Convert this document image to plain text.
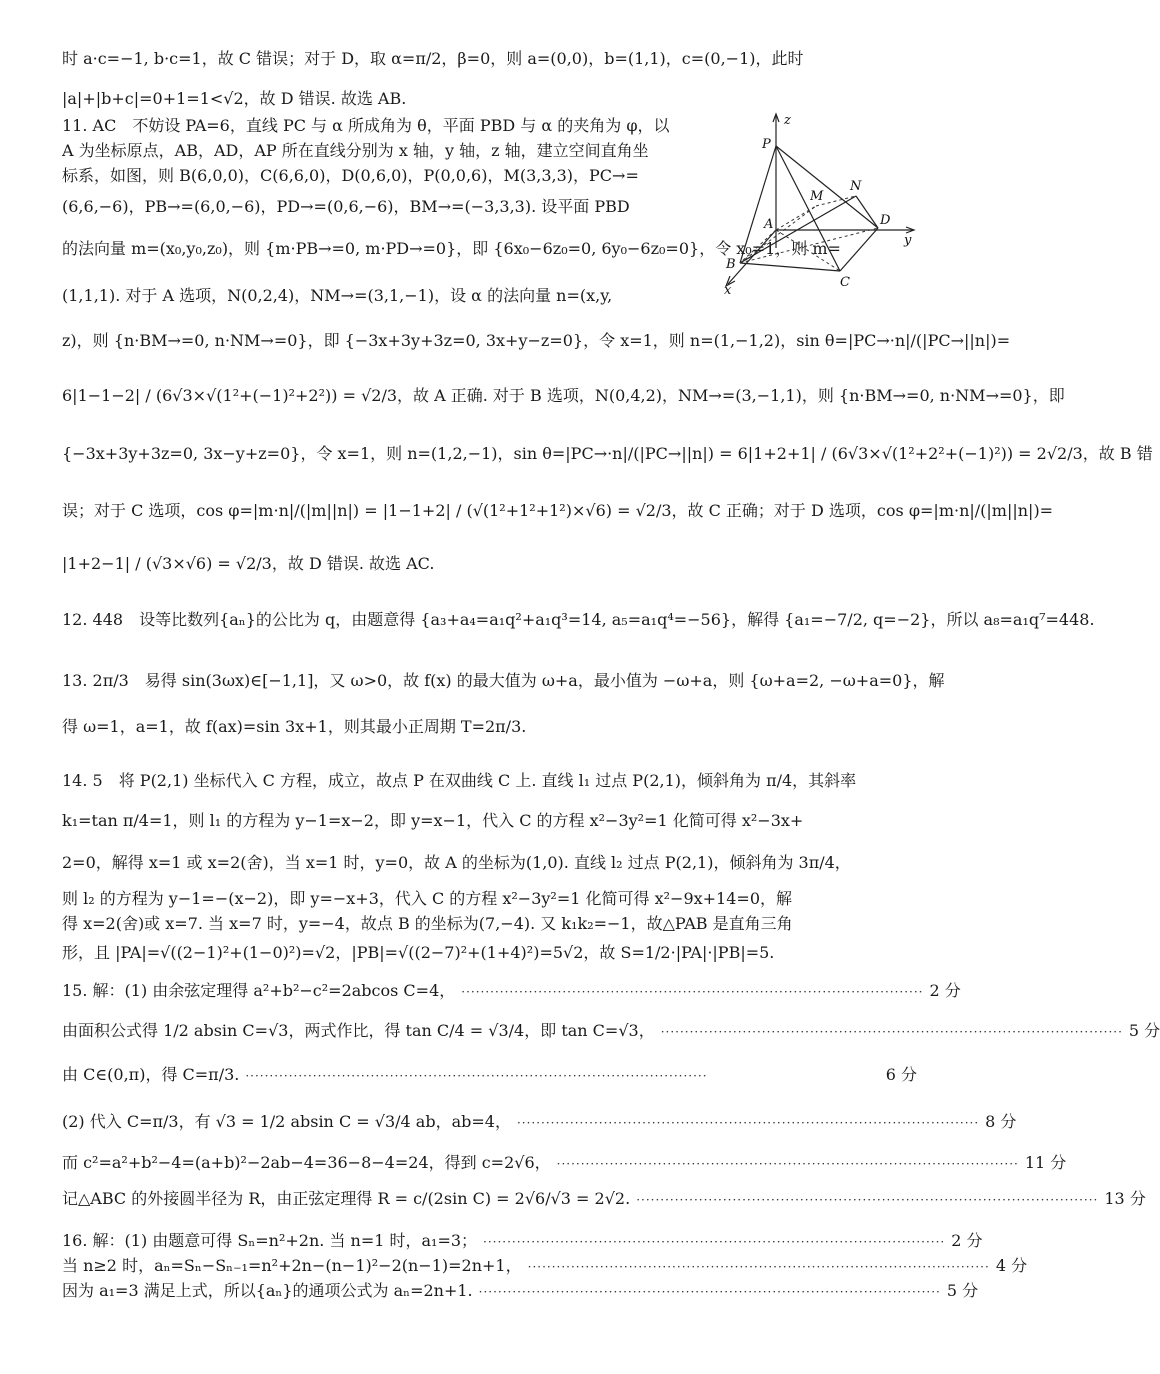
时 a·c=−1, b·c=1，故 C 错误；对于 D，取 α=π/2，β=0，则 a=(0,0)，b=(1,1)，c=(0,−1)，此时
|a|+|b+c|=0+1=1<√2，故 D 错误. 故选 AB.
11. AC　不妨设 PA=6，直线 PC 与 α 所成角为 θ，平面 PBD 与 α 的夹角为 φ，以
A 为坐标原点，AB，AD，AP 所在直线分别为 x 轴，y 轴，z 轴，建立空间直角坐
标系，如图，则 B(6,0,0)，C(6,6,0)，D(0,6,0)，P(0,0,6)，M(3,3,3)，PC→=
(6,6,−6)，PB→=(6,0,−6)，PD→=(0,6,−6)，BM→=(−3,3,3). 设平面 PBD
的法向量 m=(x₀,y₀,z₀)，则 {m·PB→=0, m·PD→=0}，即 {6x₀−6z₀=0, 6y₀−6z₀=0}，令 x₀=1，则 m=
(1,1,1). 对于 A 选项，N(0,2,4)，NM→=(3,1,−1)，设 α 的法向量 n=(x,y,
z)，则 {n·BM→=0, n·NM→=0}，即 {−3x+3y+3z=0, 3x+y−z=0}，令 x=1，则 n=(1,−1,2)，sin θ=|PC→·n|/(|PC→||n|)=
6|1−1−2| / (6√3×√(1²+(−1)²+2²)) = √2/3，故 A 正确. 对于 B 选项，N(0,4,2)，NM→=(3,−1,1)，则 {n·BM→=0, n·NM→=0}，即
{−3x+3y+3z=0, 3x−y+z=0}，令 x=1，则 n=(1,2,−1)，sin θ=|PC→·n|/(|PC→||n|) = 6|1+2+1| / (6√3×√(1²+2²+(−1)²)) = 2√2/3，故 B 错
误；对于 C 选项，cos φ=|m·n|/(|m||n|) = |1−1+2| / (√(1²+1²+1²)×√6) = √2/3，故 C 正确；对于 D 选项，cos φ=|m·n|/(|m||n|)=
|1+2−1| / (√3×√6) = √2/3，故 D 错误. 故选 AC.
12. 448　设等比数列{aₙ}的公比为 q，由题意得 {a₃+a₄=a₁q²+a₁q³=14, a₅=a₁q⁴=−56}，解得 {a₁=−7/2, q=−2}，所以 a₈=a₁q⁷=448.
13. 2π/3　易得 sin(3ωx)∈[−1,1]，又 ω>0，故 f(x) 的最大值为 ω+a，最小值为 −ω+a，则 {ω+a=2, −ω+a=0}，解
得 ω=1，a=1，故 f(ax)=sin 3x+1，则其最小正周期 T=2π/3.
14. 5　将 P(2,1) 坐标代入 C 方程，成立，故点 P 在双曲线 C 上. 直线 l₁ 过点 P(2,1)，倾斜角为 π/4，其斜率
k₁=tan π/4=1，则 l₁ 的方程为 y−1=x−2，即 y=x−1，代入 C 的方程 x²−3y²=1 化简可得 x²−3x+
2=0，解得 x=1 或 x=2(舍)，当 x=1 时，y=0，故 A 的坐标为(1,0). 直线 l₂ 过点 P(2,1)，倾斜角为 3π/4，
则 l₂ 的方程为 y−1=−(x−2)，即 y=−x+3，代入 C 的方程 x²−3y²=1 化简可得 x²−9x+14=0，解
得 x=2(舍)或 x=7. 当 x=7 时，y=−4，故点 B 的坐标为(7,−4). 又 k₁k₂=−1，故△PAB 是直角三角
形，且 |PA|=√((2−1)²+(1−0)²)=√2，|PB|=√((2−7)²+(1+4)²)=5√2，故 S=1/2·|PA|·|PB|=5.
15. 解：(1) 由余弦定理得 a²+b²−c²=2abcos C=4， ································································································ 2 分
由面积公式得 1/2 absin C=√3，两式作比，得 tan C/4 = √3/4，即 tan C=√3， ································································································ 5 分
由 C∈(0,π)，得 C=π/3. ································································································	6 分
(2) 代入 C=π/3，有 √3 = 1/2 absin C = √3/4 ab，ab=4， ································································································ 8 分
而 c²=a²+b²−4=(a+b)²−2ab−4=36−8−4=24，得到 c=2√6， ································································································ 11 分
记△ABC 的外接圆半径为 R，由正弦定理得 R = c/(2sin C) = 2√6/√3 = 2√2. ································································································ 13 分
16. 解：(1) 由题意可得 Sₙ=n²+2n. 当 n=1 时，a₁=3； ································································································ 2 分
当 n≥2 时，aₙ=Sₙ−Sₙ₋₁=n²+2n−(n−1)²−2(n−1)=2n+1， ································································································ 4 分
因为 a₁=3 满足上式，所以{aₙ}的通项公式为 aₙ=2n+1. ································································································ 5 分
z
P
M
N
A	D
y
B
C
x
